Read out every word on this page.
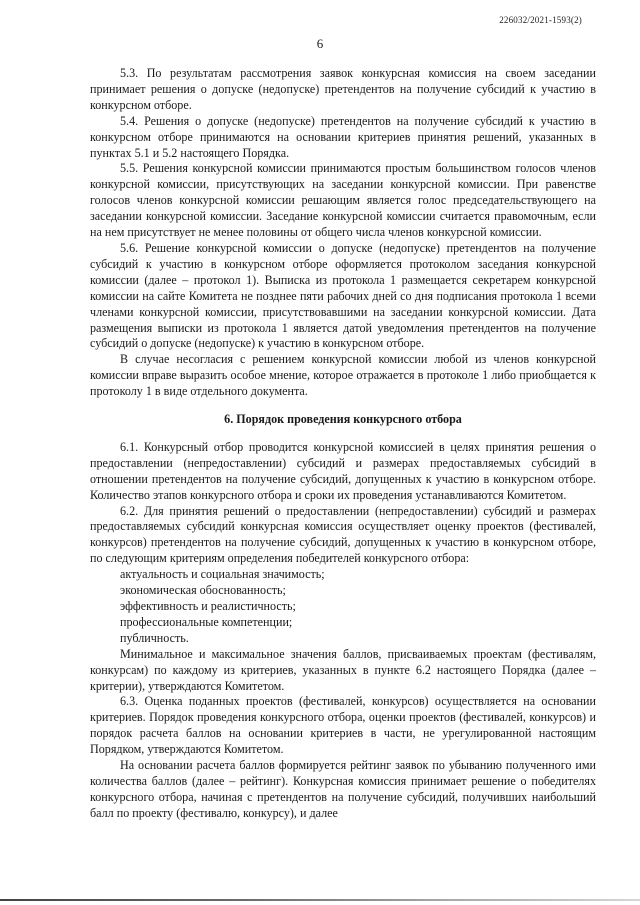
226032/2021-1593(2)
6

5.3. По результатам рассмотрения заявок конкурсная комиссия на своем заседании принимает решения о допуске (недопуске) претендентов на получение субсидий к участию в конкурсном отборе.

5.4. Решения о допуске (недопуске) претендентов на получение субсидий к участию в конкурсном отборе принимаются на основании критериев принятия решений, указанных в пунктах 5.1 и 5.2 настоящего Порядка.

5.5. Решения конкурсной комиссии принимаются простым большинством голосов членов конкурсной комиссии, присутствующих на заседании конкурсной комиссии. При равенстве голосов членов конкурсной комиссии решающим является голос председательствующего на заседании конкурсной комиссии. Заседание конкурсной комиссии считается правомочным, если на нем присутствует не менее половины от общего числа членов конкурсной комиссии.

5.6. Решение конкурсной комиссии о допуске (недопуске) претендентов на получение субсидий к участию в конкурсном отборе оформляется протоколом заседания конкурсной комиссии (далее – протокол 1). Выписка из протокола 1 размещается секретарем конкурсной комиссии на сайте Комитета не позднее пяти рабочих дней со дня подписания протокола 1 всеми членами конкурсной комиссии, присутствовавшими на заседании конкурсной комиссии. Дата размещения выписки из протокола 1 является датой уведомления претендентов на получение субсидий о допуске (недопуске) к участию в конкурсном отборе.

В случае несогласия с решением конкурсной комиссии любой из членов конкурсной комиссии вправе выразить особое мнение, которое отражается в протоколе 1 либо приобщается к протоколу 1 в виде отдельного документа.

6. Порядок проведения конкурсного отбора

6.1. Конкурсный отбор проводится конкурсной комиссией в целях принятия решения о предоставлении (непредоставлении) субсидий и размерах предоставляемых субсидий в отношении претендентов на получение субсидий, допущенных к участию в конкурсном отборе. Количество этапов конкурсного отбора и сроки их проведения устанавливаются Комитетом.

6.2. Для принятия решений о предоставлении (непредоставлении) субсидий и размерах предоставляемых субсидий конкурсная комиссия осуществляет оценку проектов (фестивалей, конкурсов) претендентов на получение субсидий, допущенных к участию в конкурсном отборе, по следующим критериям определения победителей конкурсного отбора:

актуальность и социальная значимость;
экономическая обоснованность;
эффективность и реалистичность;
профессиональные компетенции;
публичность.

Минимальное и максимальное значения баллов, присваиваемых проектам (фестивалям, конкурсам) по каждому из критериев, указанных в пункте 6.2 настоящего Порядка (далее – критерии), утверждаются Комитетом.

6.3. Оценка поданных проектов (фестивалей, конкурсов) осуществляется на основании критериев. Порядок проведения конкурсного отбора, оценки проектов (фестивалей, конкурсов) и порядок расчета баллов на основании критериев в части, не урегулированной настоящим Порядком, утверждаются Комитетом.

На основании расчета баллов формируется рейтинг заявок по убыванию полученного ими количества баллов (далее – рейтинг). Конкурсная комиссия принимает решение о победителях конкурсного отбора, начиная с претендентов на получение субсидий, получивших наибольший балл по проекту (фестивалю, конкурсу), и далее
